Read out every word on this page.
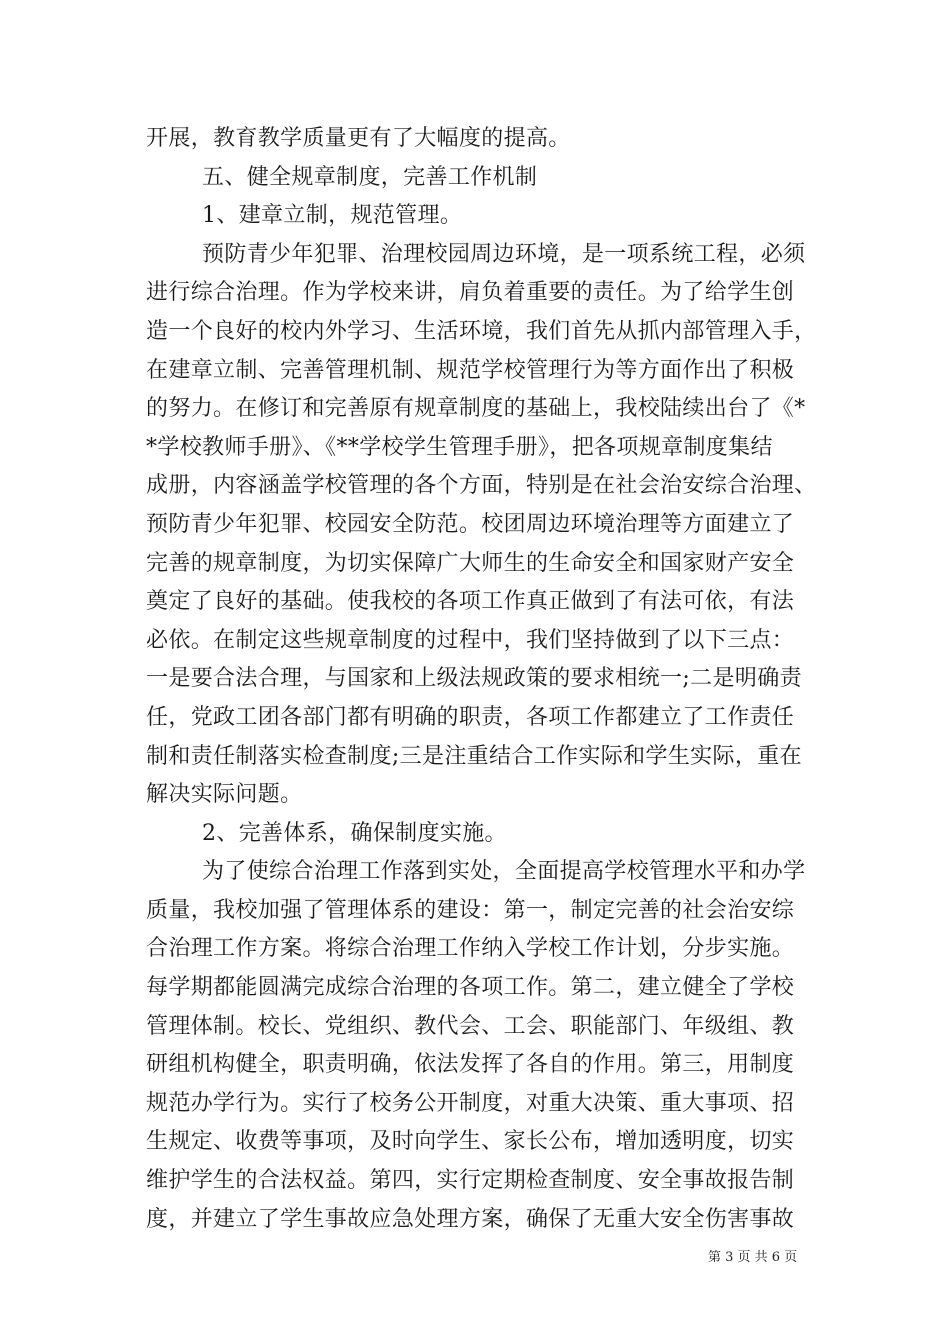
开展，教育教学质量更有了大幅度的提高。
五、健全规章制度，完善工作机制
1、建章立制，规范管理。
预防青少年犯罪、治理校园周边环境，是一项系统工程，必须
进行综合治理。作为学校来讲，肩负着重要的责任。为了给学生创
造一个良好的校内外学习、生活环境，我们首先从抓内部管理入手，
在建章立制、完善管理机制、规范学校管理行为等方面作出了积极
的努力。在修订和完善原有规章制度的基础上，我校陆续出台了《*
*学校教师手册》、《**学校学生管理手册》，把各项规章制度集结
成册，内容涵盖学校管理的各个方面，特别是在社会治安综合治理、
预防青少年犯罪、校园安全防范。校团周边环境治理等方面建立了
完善的规章制度，为切实保障广大师生的生命安全和国家财产安全
奠定了良好的基础。使我校的各项工作真正做到了有法可依，有法
必依。在制定这些规章制度的过程中，我们坚持做到了以下三点：
一是要合法合理，与国家和上级法规政策的要求相统一;二是明确责
任，党政工团各部门都有明确的职责，各项工作都建立了工作责任
制和责任制落实检查制度;三是注重结合工作实际和学生实际，重在
解决实际问题。
2、完善体系，确保制度实施。
为了使综合治理工作落到实处，全面提高学校管理水平和办学
质量，我校加强了管理体系的建设：第一，制定完善的社会治安综
合治理工作方案。将综合治理工作纳入学校工作计划，分步实施。
每学期都能圆满完成综合治理的各项工作。第二，建立健全了学校
管理体制。校长、党组织、教代会、工会、职能部门、年级组、教
研组机构健全，职责明确，依法发挥了各自的作用。第三，用制度
规范办学行为。实行了校务公开制度，对重大决策、重大事项、招
生规定、收费等事项，及时向学生、家长公布，增加透明度，切实
维护学生的合法权益。第四，实行定期检查制度、安全事故报告制
度，并建立了学生事故应急处理方案，确保了无重大安全伤害事故
第 3 页 共 6 页
